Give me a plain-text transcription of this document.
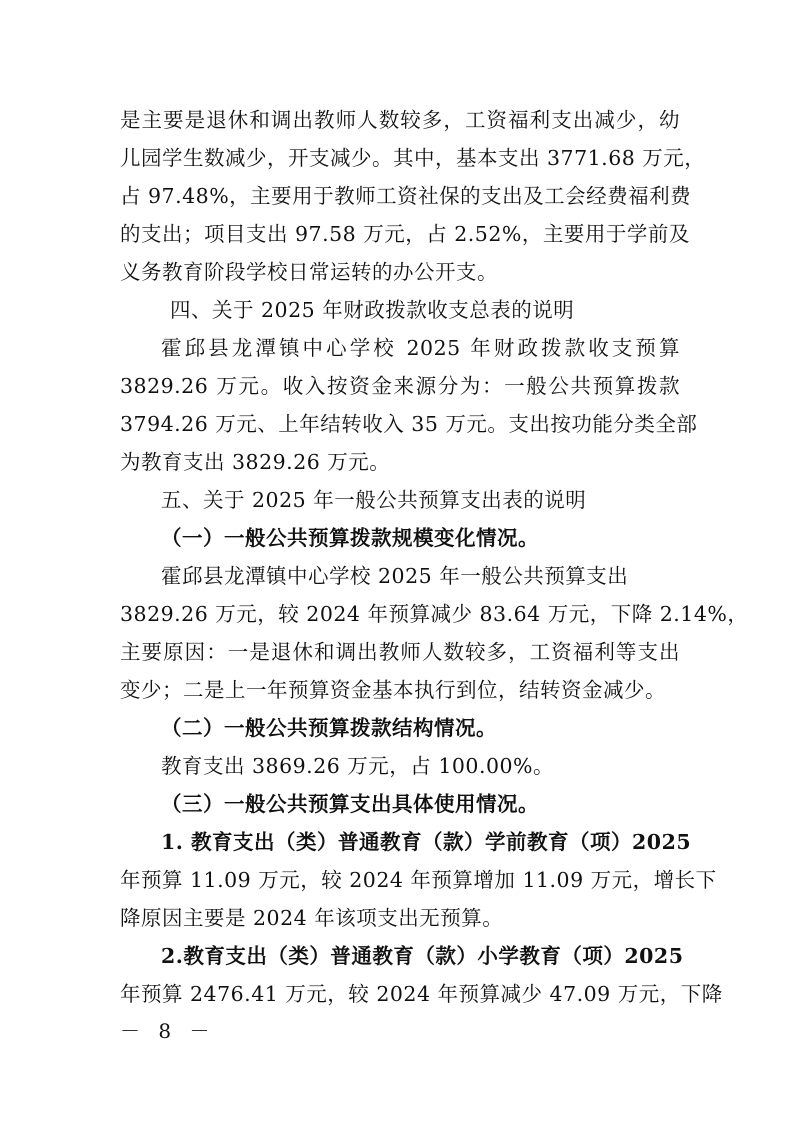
是主要是退休和调出教师人数较多，工资福利支出减少，幼
儿园学生数减少，开支减少。其中，基本支出 3771.68 万元，
占 97.48%，主要用于教师工资社保的支出及工会经费福利费
的支出；项目支出 97.58 万元，占 2.52%，主要用于学前及
义务教育阶段学校日常运转的办公开支。
四、关于 2025 年财政拨款收支总表的说明
霍邱县龙潭镇中心学校 2025 年财政拨款收支预算
3829.26 万元。收入按资金来源分为：一般公共预算拨款
3794.26 万元、上年结转收入 35 万元。支出按功能分类全部
为教育支出 3829.26 万元。
五、关于 2025 年一般公共预算支出表的说明
（一）一般公共预算拨款规模变化情况。
霍邱县龙潭镇中心学校 2025 年一般公共预算支出
3829.26 万元，较 2024 年预算减少 83.64 万元，下降 2.14%，
主要原因：一是退休和调出教师人数较多，工资福利等支出
变少；二是上一年预算资金基本执行到位，结转资金减少。
（二）一般公共预算拨款结构情况。
教育支出 3869.26 万元，占 100.00%。
（三）一般公共预算支出具体使用情况。
1. 教育支出（类）普通教育（款）学前教育（项）2025
年预算 11.09 万元，较 2024 年预算增加 11.09 万元，增长下
降原因主要是 2024 年该项支出无预算。
2.教育支出（类）普通教育（款）小学教育（项）2025
年预算 2476.41 万元，较 2024 年预算减少 47.09 万元，下降
－ 8 －
